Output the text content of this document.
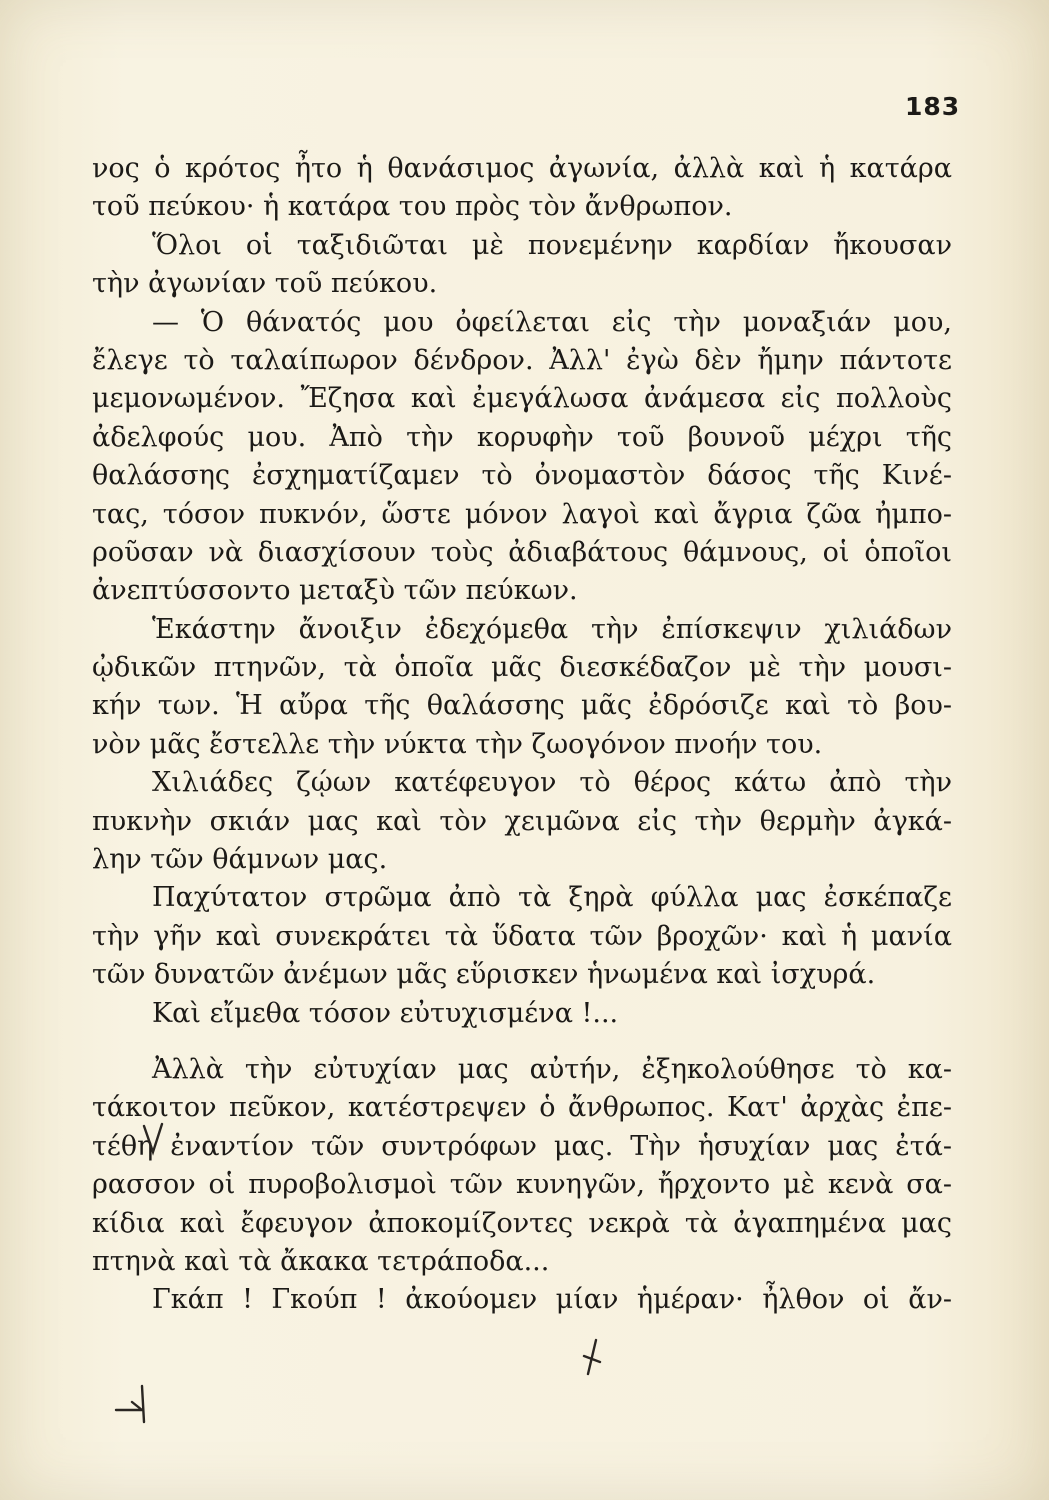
183
νος ὁ κρότος ἦτο ἡ θανάσιμος ἀγωνία, ἀλλὰ καὶ ἡ κατάρα
τοῦ πεύκου· ἡ κατάρα του πρὸς τὸν ἄνθρωπον.
Ὅλοι οἱ ταξιδιῶται μὲ πονεμένην καρδίαν ἤκουσαν
τὴν ἀγωνίαν τοῦ πεύκου.
— Ὁ θάνατός μου ὀφείλεται εἰς τὴν μοναξιάν μου,
ἔλεγε τὸ ταλαίπωρον δένδρον. Ἀλλ' ἐγὼ δὲν ἤμην πάντοτε
μεμονωμένον. Ἔζησα καὶ ἐμεγάλωσα ἀνάμεσα εἰς πολλοὺς
ἀδελφούς μου. Ἀπὸ τὴν κορυφὴν τοῦ βουνοῦ μέχρι τῆς
θαλάσσης ἐσχηματίζαμεν τὸ ὀνομαστὸν δάσος τῆς Κινέ-
τας, τόσον πυκνόν, ὥστε μόνον λαγοὶ καὶ ἄγρια ζῶα ἠμπο-
ροῦσαν νὰ διασχίσουν τοὺς ἀδιαβάτους θάμνους, οἱ ὁποῖοι
ἀνεπτύσσοντο μεταξὺ τῶν πεύκων.
Ἑκάστην ἄνοιξιν ἐδεχόμεθα τὴν ἐπίσκεψιν χιλιάδων
ᾠδικῶν πτηνῶν, τὰ ὁποῖα μᾶς διεσκέδαζον μὲ τὴν μουσι-
κήν των. Ἡ αὔρα τῆς θαλάσσης μᾶς ἐδρόσιζε καὶ τὸ βου-
νὸν μᾶς ἔστελλε τὴν νύκτα τὴν ζωογόνον πνοήν του.
Χιλιάδες ζῴων κατέφευγον τὸ θέρος κάτω ἀπὸ τὴν
πυκνὴν σκιάν μας καὶ τὸν χειμῶνα εἰς τὴν θερμὴν ἀγκά-
λην τῶν θάμνων μας.
Παχύτατον στρῶμα ἀπὸ τὰ ξηρὰ φύλλα μας ἐσκέπαζε
τὴν γῆν καὶ συνεκράτει τὰ ὕδατα τῶν βροχῶν· καὶ ἡ μανία
τῶν δυνατῶν ἀνέμων μᾶς εὕρισκεν ἡνωμένα καὶ ἰσχυρά.
Καὶ εἴμεθα τόσον εὐτυχισμένα !...
Ἀλλὰ τὴν εὐτυχίαν μας αὐτήν, ἐξηκολούθησε τὸ κα-
τάκοιτον πεῦκον, κατέστρεψεν ὁ ἄνθρωπος. Κατ' ἀρχὰς ἐπε-
τέθη ἐναντίον τῶν συντρόφων μας. Τὴν ἡσυχίαν μας ἐτά-
ρασσον οἱ πυροβολισμοὶ τῶν κυνηγῶν, ἤρχοντο μὲ κενὰ σα-
κίδια καὶ ἔφευγον ἀποκομίζοντες νεκρὰ τὰ ἀγαπημένα μας
πτηνὰ καὶ τὰ ἄκακα τετράποδα...
Γκάπ ! Γκούπ ! ἀκούομεν μίαν ἡμέραν· ἦλθον οἱ ἄν-
